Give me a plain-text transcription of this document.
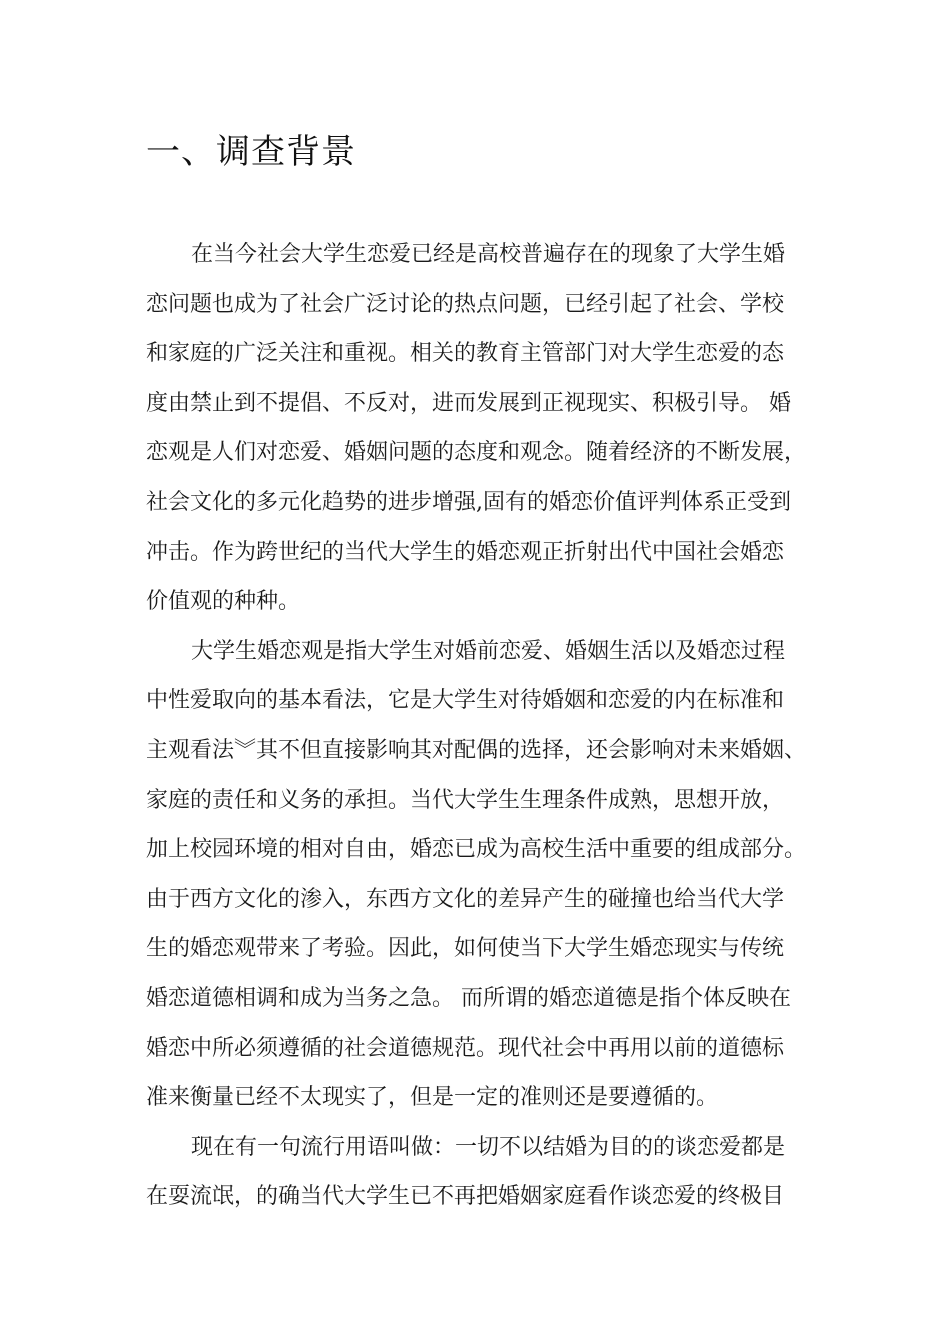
一、调查背景
在当今社会大学生恋爱已经是高校普遍存在的现象了大学生婚
恋问题也成为了社会广泛讨论的热点问题，已经引起了社会、学校
和家庭的广泛关注和重视。相关的教育主管部门对大学生恋爱的态
度由禁止到不提倡、不反对，进而发展到正视现实、积极引导。 婚
恋观是人们对恋爱、婚姻问题的态度和观念。随着经济的不断发展，
社会文化的多元化趋势的进步增强,固有的婚恋价值评判体系正受到
冲击。作为跨世纪的当代大学生的婚恋观正折射出代中国社会婚恋
价值观的种种。
大学生婚恋观是指大学生对婚前恋爱、婚姻生活以及婚恋过程
中性爱取向的基本看法，它是大学生对待婚姻和恋爱的内在标准和
主观看法︾其不但直接影响其对配偶的选择，还会影响对未来婚姻、
家庭的责任和义务的承担。当代大学生生理条件成熟，思想开放，
加上校园环境的相对自由，婚恋已成为高校生活中重要的组成部分。
由于西方文化的渗入，东西方文化的差异产生的碰撞也给当代大学
生的婚恋观带来了考验。因此，如何使当下大学生婚恋现实与传统
婚恋道德相调和成为当务之急。 而所谓的婚恋道德是指个体反映在
婚恋中所必须遵循的社会道德规范。现代社会中再用以前的道德标
准来衡量已经不太现实了，但是一定的准则还是要遵循的。
现在有一句流行用语叫做：一切不以结婚为目的的谈恋爱都是
在耍流氓，的确当代大学生已不再把婚姻家庭看作谈恋爱的终极目
